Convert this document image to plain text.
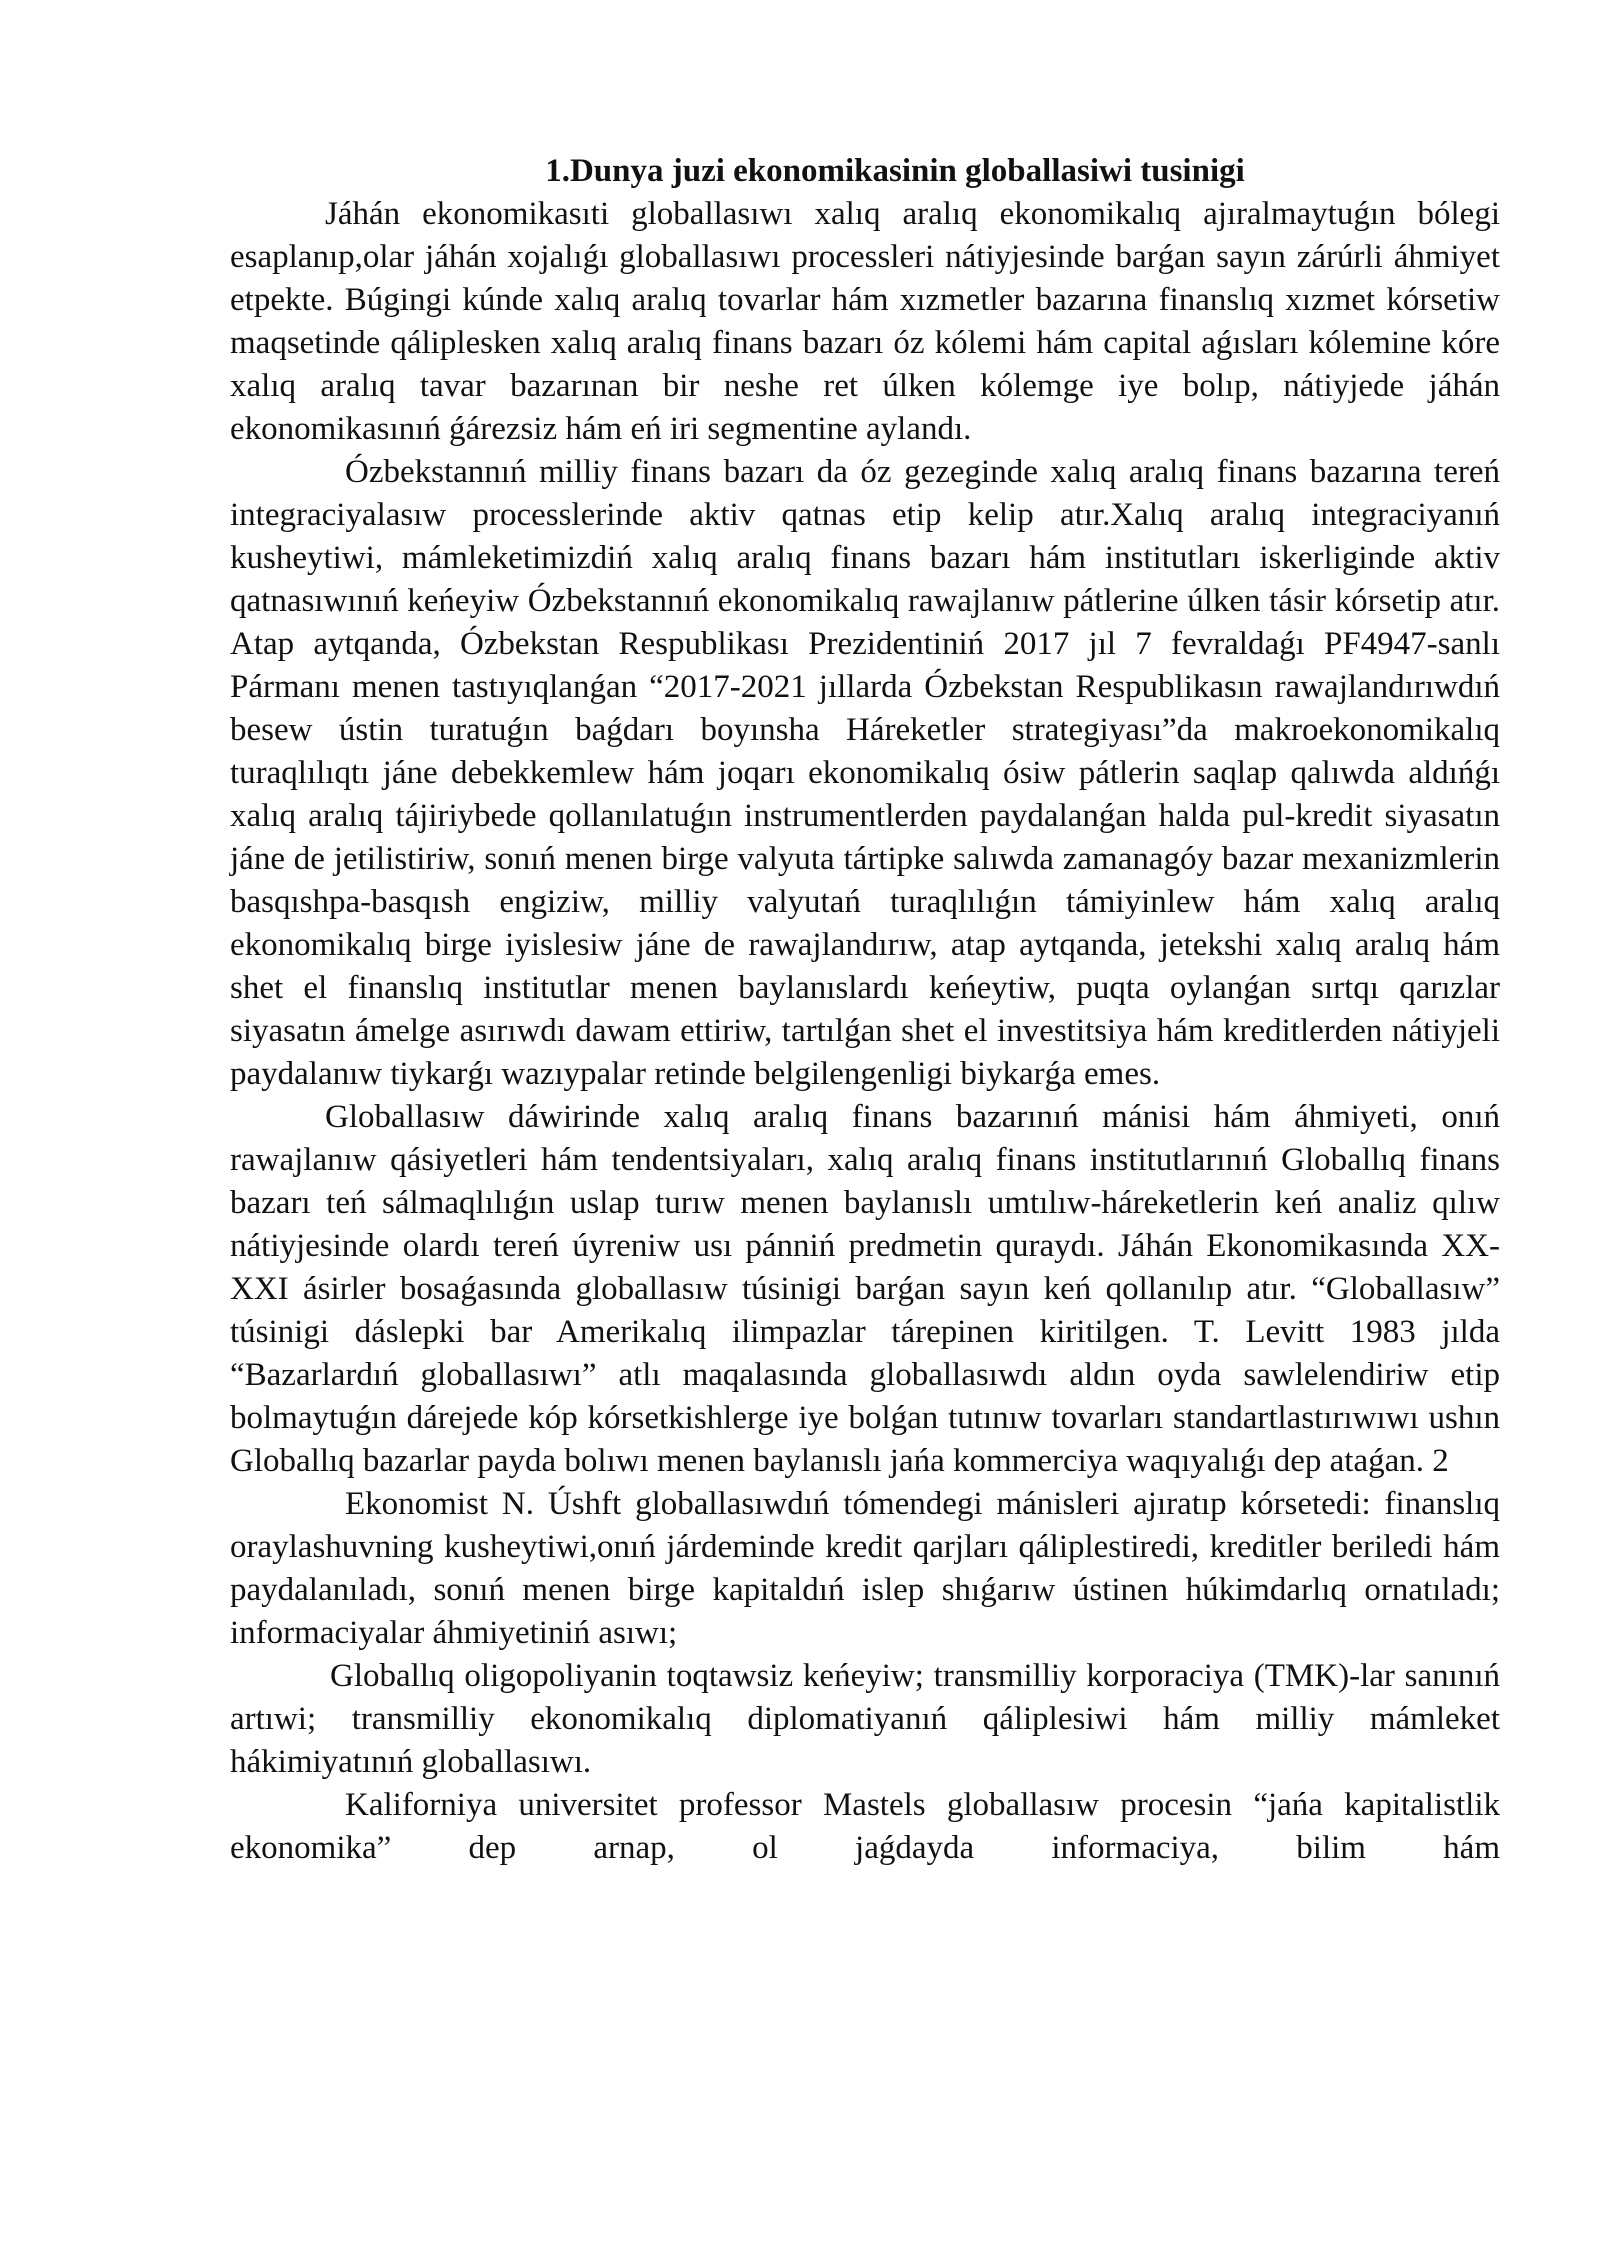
1.Dunya juzi ekonomikasinin globallasiwi tusinigi

Jáhán ekonomikasıti globallasıwı xalıq aralıq ekonomikalıq ajıralmaytuǵın bólegi esaplanıp,olar jáhán xojalıǵı globallasıwı processleri nátiyjesinde barǵan sayın zárúrli áhmiyet etpekte. Búgingi kúnde xalıq aralıq tovarlar hám xızmetler bazarına finanslıq xızmet kórsetiw maqsetinde qáliplesken xalıq aralıq finans bazarı óz kólemi hám capital aǵısları kólemine kóre xalıq aralıq tavar bazarınan bir neshe ret úlken kólemge iye bolıp, nátiyjede jáhán ekonomikasınıń ǵárezsiz hám eń iri segmentine aylandı.

Ózbekstannıń milliy finans bazarı da óz gezeginde xalıq aralıq finans bazarına tereń integraciyalasıw processlerinde aktiv qatnas etip kelip atır.Xalıq aralıq integraciyanıń kusheytiwi, mámleketimizdiń xalıq aralıq finans bazarı hám institutları iskerliginde aktiv qatnasıwınıń keńeyiw Ózbekstannıń ekonomikalıq rawajlanıw pátlerine úlken tásir kórsetip atır. Atap aytqanda, Ózbekstan Respublikası Prezidentiniń 2017 jıl 7 fevraldaǵı PF4947-sanlı Pármanı menen tastıyıqlanǵan “2017-2021 jıllarda Ózbekstan Respublikasın rawajlandırıwdıń besew ústin turatuǵın baǵdarı boyınsha Háreketler strategiyası”da makroekonomikalıq turaqlılıqtı jáne debekkemlew hám joqarı ekonomikalıq ósiw pátlerin saqlap qalıwda aldıńǵı xalıq aralıq tájiriybede qollanılatuǵın instrumentlerden paydalanǵan halda pul-kredit siyasatın jáne de jetilistiriw, sonıń menen birge valyuta tártipke salıwda zamanagóy bazar mexanizmlerin basqıshpa-basqısh engiziw, milliy valyutań turaqlılıǵın támiyinlew hám xalıq aralıq ekonomikalıq birge iyislesiw jáne de rawajlandırıw, atap aytqanda, jetekshi xalıq aralıq hám shet el finanslıq institutlar menen baylanıslardı keńeytiw, puqta oylanǵan sırtqı qarızlar siyasatın ámelge asırıwdı dawam ettiriw, tartılǵan shet el investitsiya hám kreditlerden nátiyjeli paydalanıw tiykarǵı wazıypalar retinde belgilengenligi biykarǵa emes.

Globallasıw dáwirinde xalıq aralıq finans bazarınıń mánisi hám áhmiyeti, onıń rawajlanıw qásiyetleri hám tendentsiyaları, xalıq aralıq finans institutlarınıń Globallıq finans bazarı teń sálmaqlılıǵın uslap turıw menen baylanıslı umtılıw-háreketlerin keń analiz qılıw nátiyjesinde olardı tereń úyreniw usı pánniń predmetin quraydı. Jáhán Ekonomikasında XX-XXI ásirler bosaǵasında globallasıw túsinigi barǵan sayın keń qollanılıp atır. “Globallasıw” túsinigi dáslepki bar Amerikalıq ilimpazlar tárepinen kiritilgen. T. Levitt 1983 jılda “Bazarlardıń globallasıwı” atlı maqalasında globallasıwdı aldın oyda sawlelendiriw etip bolmaytuǵın dárejede kóp kórsetkishlerge iye bolǵan tutınıw tovarları standartlastırıwıwı ushın Globallıq bazarlar payda bolıwı menen baylanıslı jańa kommerciya waqıyalıǵı dep ataǵan. 2

Ekonomist N. Úshft globallasıwdıń tómendegi mánisleri ajıratıp kórsetedi: finanslıq oraylashuvning kusheytiwi,onıń járdeminde kredit qarjları qáliplestiredi, kreditler beriledi hám paydalanıladı, sonıń menen birge kapitaldıń islep shıǵarıw ústinen húkimdarlıq ornatıladı; informaciyalar áhmiyetiniń asıwı;

Globallıq oligopoliyanin toqtawsiz keńeyiw; transmilliy korporaciya (TMK)-lar sanınıń artıwi; transmilliy ekonomikalıq diplomatiyanıń qáliplesiwi hám milliy mámleket hákimiyatınıń globallasıwı.

Kaliforniya universitet professor Mastels globallasıw procesin “jańa kapitalistlik ekonomika” dep arnap, ol jaǵdayda informaciya, bilim hám
